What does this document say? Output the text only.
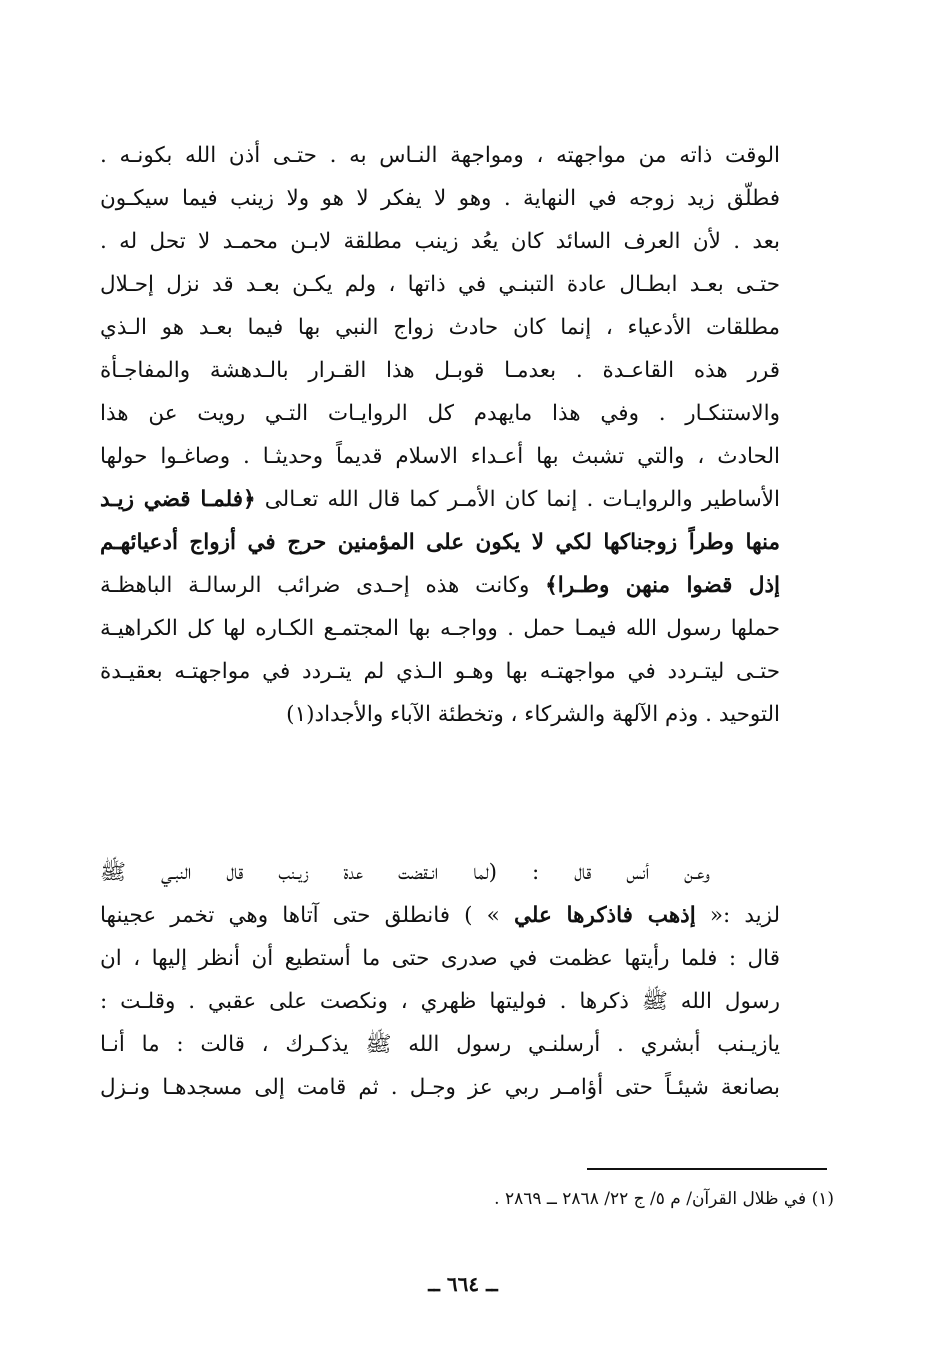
الوقت ذاته من مواجهته ، ومواجهة النـاس به . حتـى أذن الله بكونـه .
فطلّق زيد زوجه في النهاية . وهو لا يفكر لا هو ولا زينب فيما سيكـون
بعد . لأن العرف السائد كان يعُد زينب مطلقة لابـن محمـد لا تحل له .
حتـى بعـد ابطـال عادة التبنـي في ذاتها ، ولم يكـن بعـد قد نزل إحـلال
مطلقات الأدعياء ، إنما كان حادث زواج النبي بها فيما بعـد هو الـذي
قرر هذه القاعـدة . بعدمـا قوبـل هذا القـرار بالـدهشة والمفاجـأة
والاستنكـار . وفي هذا مايهدم كل الروايـات التـي رويت عن هذا
الحادث ، والتي تشبث بها أعـداء الاسلام قديماً وحديثـا . وصاغـوا حولها
الأساطير والروايـات . إنما كان الأمـر كما قال الله تعـالى ﴿فلمـا قضي زيـد
منها وطراً زوجناكها لكي لا يكون على المؤمنين حرج في أزواج أدعيائهـم
إذل قضوا منهن وطـرا﴾ وكانت هذه إحـدى ضرائب الرسالـة الباهظـة
حملها رسول الله فيمـا حمل . وواجـه بها المجتمـع الكـاره لها كل الكراهيـة
حتـى ليتـردد في مواجهتـه بها وهـو الـذي لم يتـردد في مواجهتـه بعقيـدة
التوحيد . وذم الآلهة والشركاء ، وتخطئة الآباء والأجداد(١)
وعـن أنس قال : (لما انـقضت عدة زيـنب قال النبـي ﷺ
لزيد :« إذهب فاذكرها علي » ) فانطلق حتى آتاها وهي تخمر عجينها
قال : فلما رأيتها عظمت في صدرى حتى ما أستطيع أن أنظر إليها ، ان
رسول الله ﷺ ذكرها . فوليتها ظهري ، ونكصت على عقبي . وقلـت :
يازيـنب أبشري . أرسلنـي رسول الله ﷺ يذكـرك ، قالت : ما أنـا
بصانعة شيئـاً حتى أؤامـر ربي عز وجـل . ثم قامت إلى مسجدهـا ونـزل
(١) في ظلال القرآن/ م ٥/ ج ٢٢/ ٢٨٦٨ ــ ٢٨٦٩ .
ــ ٦٦٤ ــ
